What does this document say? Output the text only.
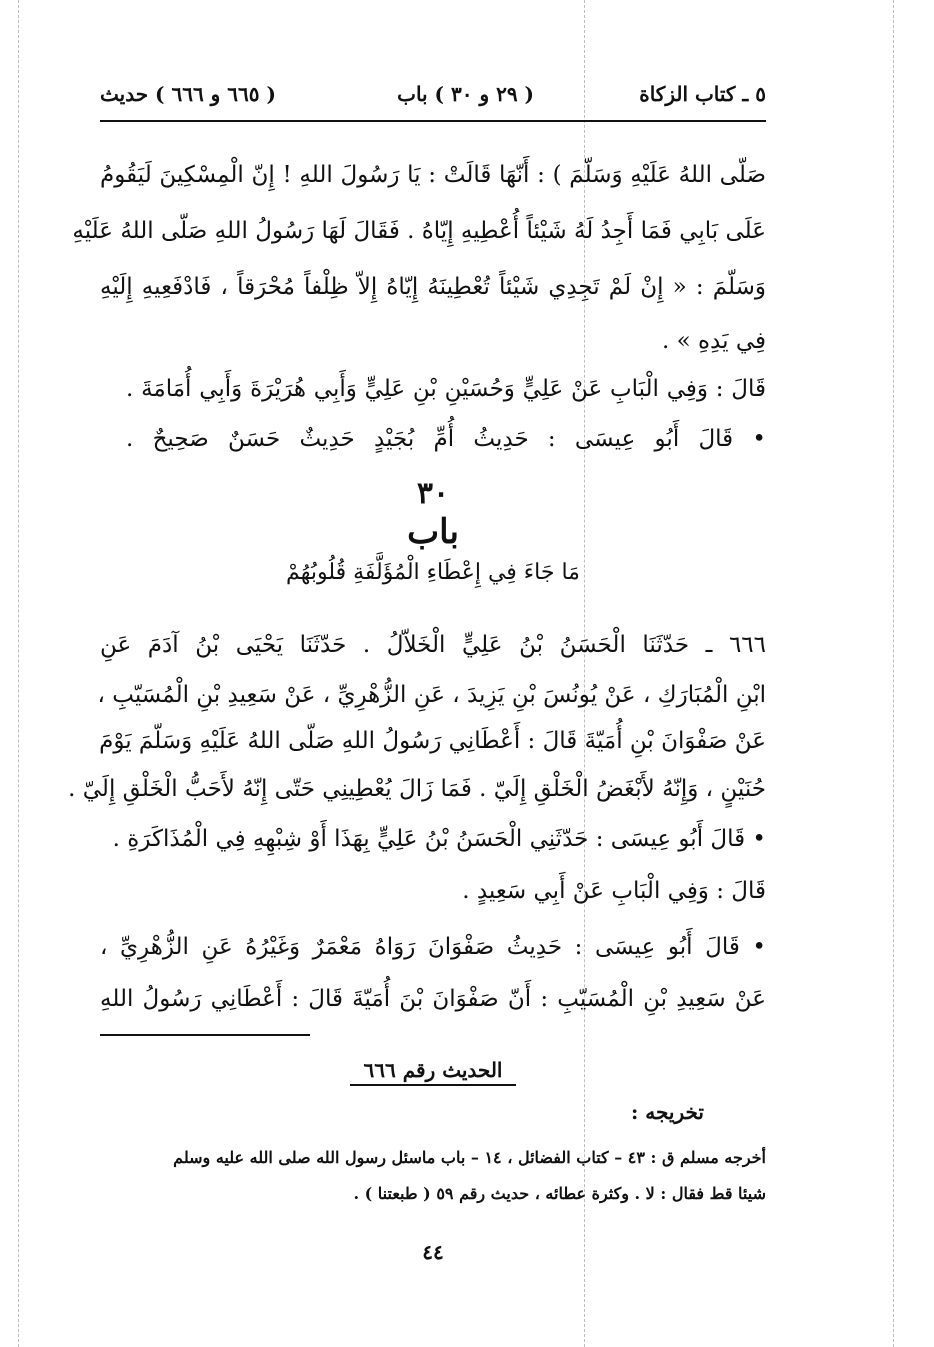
٥ ـ كتاب الزكاة
( ٢٩ و ٣٠ ) باب
( ٦٦٥ و ٦٦٦ ) حديث
صَلّى اللهُ عَلَيْهِ وَسَلّمَ ) : أَنّهَا قَالَتْ : يَا رَسُولَ اللهِ ! إِنّ الْمِسْكِينَ لَيَقُومُ
عَلَى بَابِي فَمَا أَجِدُ لَهُ شَيْئاً أُعْطِيهِ إِيّاهُ . فَقَالَ لَهَا رَسُولُ اللهِ صَلّى اللهُ عَلَيْهِ
وَسَلّمَ : « إِنْ لَمْ تَجِدِي شَيْئاً تُعْطِينَهُ إِيّاهُ إِلاّ ظِلْفاً مُحْرَقاً ، فَادْفَعِيهِ إِلَيْهِ
فِي يَدِهِ » .
قَالَ : وَفِي الْبَابِ عَنْ عَلِيٍّ وَحُسَيْنِ بْنِ عَلِيٍّ وَأَبِي هُرَيْرَةَ وَأَبِي أُمَامَةَ .
• قَالَ أَبُو عِيسَى : حَدِيثُ أُمِّ بُجَيْدٍ حَدِيثٌ حَسَنٌ صَحِيحٌ .
٣٠
باب
مَا جَاءَ فِي إِعْطَاءِ الْمُؤَلَّفَةِ قُلُوبُهُمْ
٦٦٦ ـ حَدّثَنَا الْحَسَنُ بْنُ عَلِيٍّ الْخَلاّلُ . حَدّثَنَا يَحْيَى بْنُ آدَمَ عَنِ
ابْنِ الْمُبَارَكِ ، عَنْ يُونُسَ بْنِ يَزِيدَ ، عَنِ الزُّهْرِيِّ ، عَنْ سَعِيدِ بْنِ الْمُسَيّبِ ،
عَنْ صَفْوَانَ بْنِ أُمَيّةَ قَالَ : أَعْطَانِي رَسُولُ اللهِ صَلّى اللهُ عَلَيْهِ وَسَلّمَ يَوْمَ
حُنَيْنٍ ، وَإِنّهُ لأَبْغَضُ الْخَلْقِ إِلَيّ . فَمَا زَالَ يُعْطِينِي حَتّى إِنّهُ لأَحَبُّ الْخَلْقِ إِلَيّ .
• قَالَ أَبُو عِيسَى : حَدّثَنِي الْحَسَنُ بْنُ عَلِيٍّ بِهَذَا أَوْ شِبْهِهِ فِي الْمُذَاكَرَةِ .
قَالَ : وَفِي الْبَابِ عَنْ أَبِي سَعِيدٍ .
• قَالَ أَبُو عِيسَى : حَدِيثُ صَفْوَانَ رَوَاهُ مَعْمَرٌ وَغَيْرُهُ عَنِ الزُّهْرِيِّ ،
عَنْ سَعِيدِ بْنِ الْمُسَيّبِ : أَنّ صَفْوَانَ بْنَ أُمَيّةَ قَالَ : أَعْطَانِي رَسُولُ اللهِ
الحديث رقم ٦٦٦
تخريجه :
أخرجه مسلم ق : ٤٣ – كتاب الفضائل ، ١٤ – باب ماسئل رسول الله صلى الله عليه وسلم
شيئا قط فقال : لا . وكثرة عطائه ، حديث رقم ٥٩ ( طبعتنا ) .
٤٤
